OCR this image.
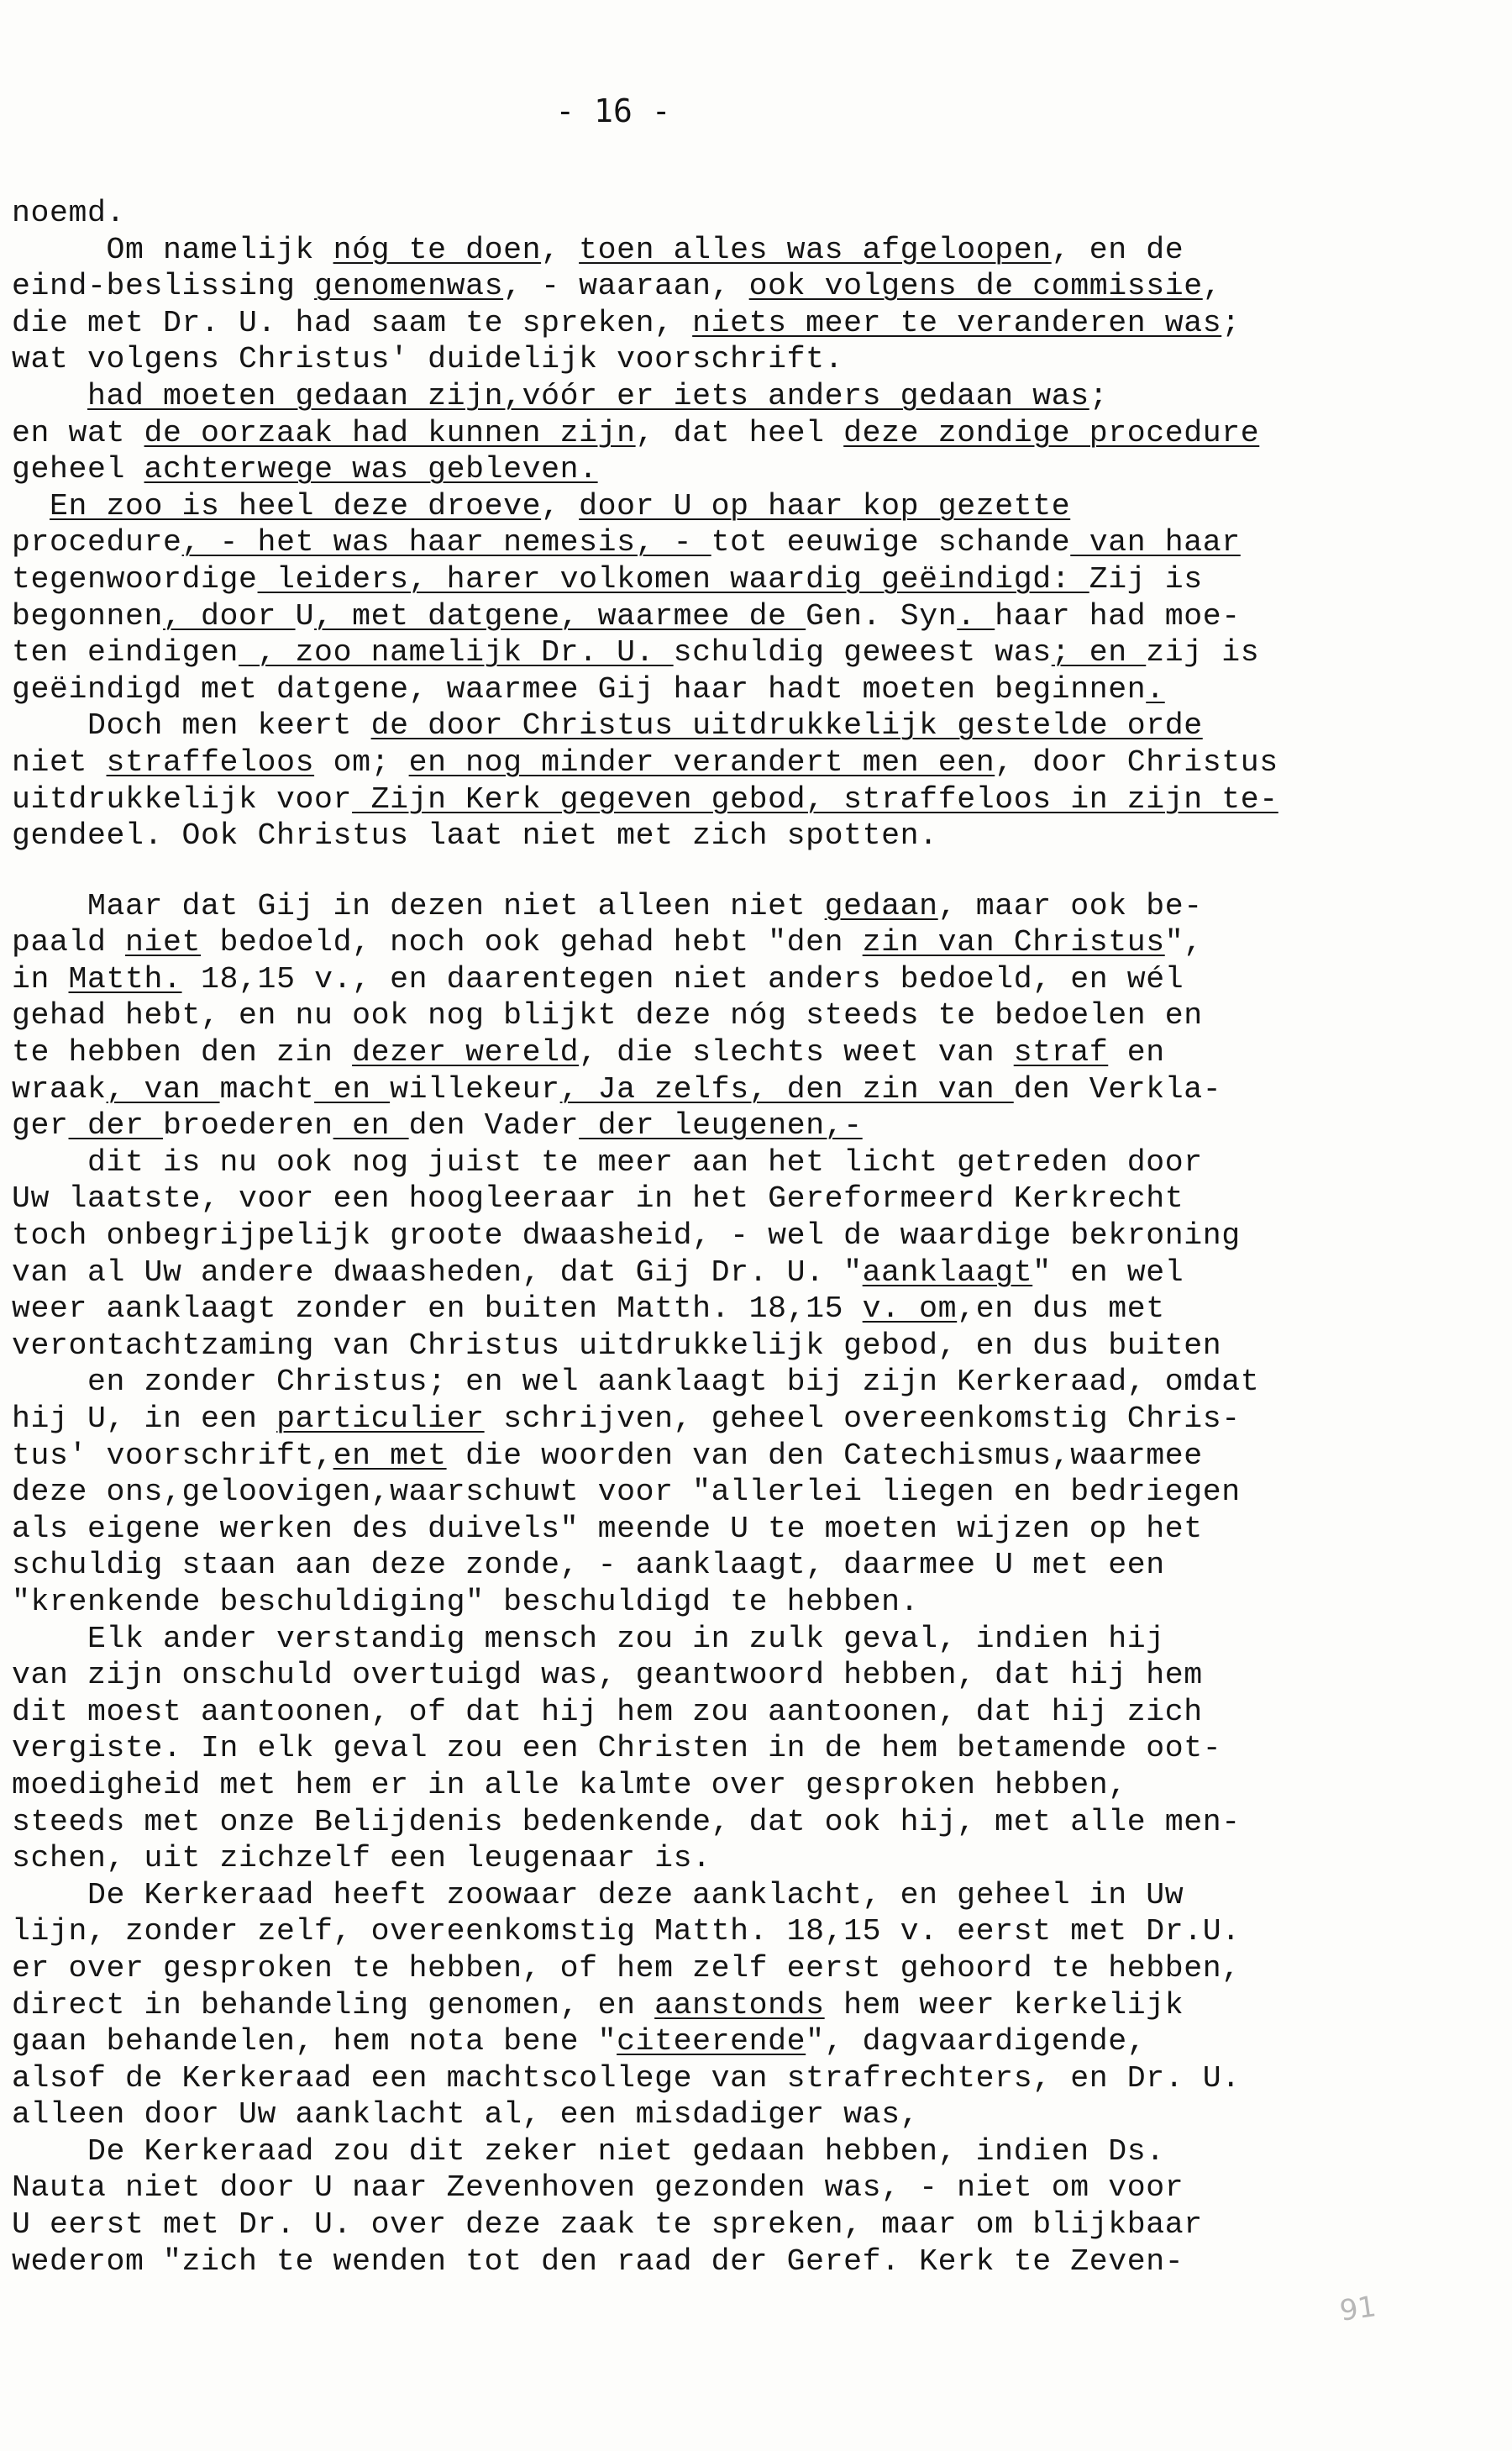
- 16 -
noemd.
Om namelijk nóg te doen, toen alles was afgeloopen, en de
eind-beslissing genomenwas, - waaraan, ook volgens de commissie,
die met Dr. U. had saam te spreken, niets meer te veranderen was;
wat volgens Christus' duidelijk voorschrift.
had moeten gedaan zijn,vóór er iets anders gedaan was;
en wat de oorzaak had kunnen zijn, dat heel deze zondige procedure
geheel achterwege was gebleven.
En zoo is heel deze droeve, door U op haar kop gezette
procedure, - het was haar nemesis, - tot eeuwige schande van haar
tegenwoordige leiders, harer volkomen waardig geëindigd: Zij is
begonnen, door U, met datgene, waarmee de Gen. Syn. haar had moe-
ten eindigen , zoo namelijk Dr. U. schuldig geweest was; en zij is
geëindigd met datgene, waarmee Gij haar hadt moeten beginnen.
Doch men keert de door Christus uitdrukkelijk gestelde orde
niet straffeloos om; en nog minder verandert men een, door Christus
uitdrukkelijk voor Zijn Kerk gegeven gebod, straffeloos in zijn te-
gendeel. Ook Christus laat niet met zich spotten.
Maar dat Gij in dezen niet alleen niet gedaan, maar ook be-
paald niet bedoeld, noch ook gehad hebt "den zin van Christus",
in Matth. 18,15 v., en daarentegen niet anders bedoeld, en wél
gehad hebt, en nu ook nog blijkt deze nóg steeds te bedoelen en
te hebben den zin dezer wereld, die slechts weet van straf en
wraak, van macht en willekeur, Ja zelfs, den zin van den Verkla-
ger der broederen en den Vader der leugenen,-
dit is nu ook nog juist te meer aan het licht getreden door
Uw laatste, voor een hoogleeraar in het Gereformeerd Kerkrecht
toch onbegrijpelijk groote dwaasheid, - wel de waardige bekroning
van al Uw andere dwaasheden, dat Gij Dr. U. "aanklaagt" en wel
weer aanklaagt zonder en buiten Matth. 18,15 v. om,en dus met
verontachtzaming van Christus uitdrukkelijk gebod, en dus buiten
en zonder Christus; en wel aanklaagt bij zijn Kerkeraad, omdat
hij U, in een particulier schrijven, geheel overeenkomstig Chris-
tus' voorschrift,en met die woorden van den Catechismus,waarmee
deze ons,geloovigen,waarschuwt voor "allerlei liegen en bedriegen
als eigene werken des duivels" meende U te moeten wijzen op het
schuldig staan aan deze zonde, - aanklaagt, daarmee U met een
"krenkende beschuldiging" beschuldigd te hebben.
Elk ander verstandig mensch zou in zulk geval, indien hij
van zijn onschuld overtuigd was, geantwoord hebben, dat hij hem
dit moest aantoonen, of dat hij hem zou aantoonen, dat hij zich
vergiste. In elk geval zou een Christen in de hem betamende oot-
moedigheid met hem er in alle kalmte over gesproken hebben,
steeds met onze Belijdenis bedenkende, dat ook hij, met alle men-
schen, uit zichzelf een leugenaar is.
De Kerkeraad heeft zoowaar deze aanklacht, en geheel in Uw
lijn, zonder zelf, overeenkomstig Matth. 18,15 v. eerst met Dr.U.
er over gesproken te hebben, of hem zelf eerst gehoord te hebben,
direct in behandeling genomen, en aanstonds hem weer kerkelijk
gaan behandelen, hem nota bene "citeerende", dagvaardigende,
alsof de Kerkeraad een machtscollege van strafrechters, en Dr. U.
alleen door Uw aanklacht al, een misdadiger was,
De Kerkeraad zou dit zeker niet gedaan hebben, indien Ds.
Nauta niet door U naar Zevenhoven gezonden was, - niet om voor
U eerst met Dr. U. over deze zaak te spreken, maar om blijkbaar
wederom "zich te wenden tot den raad der Geref. Kerk te Zeven-
91
